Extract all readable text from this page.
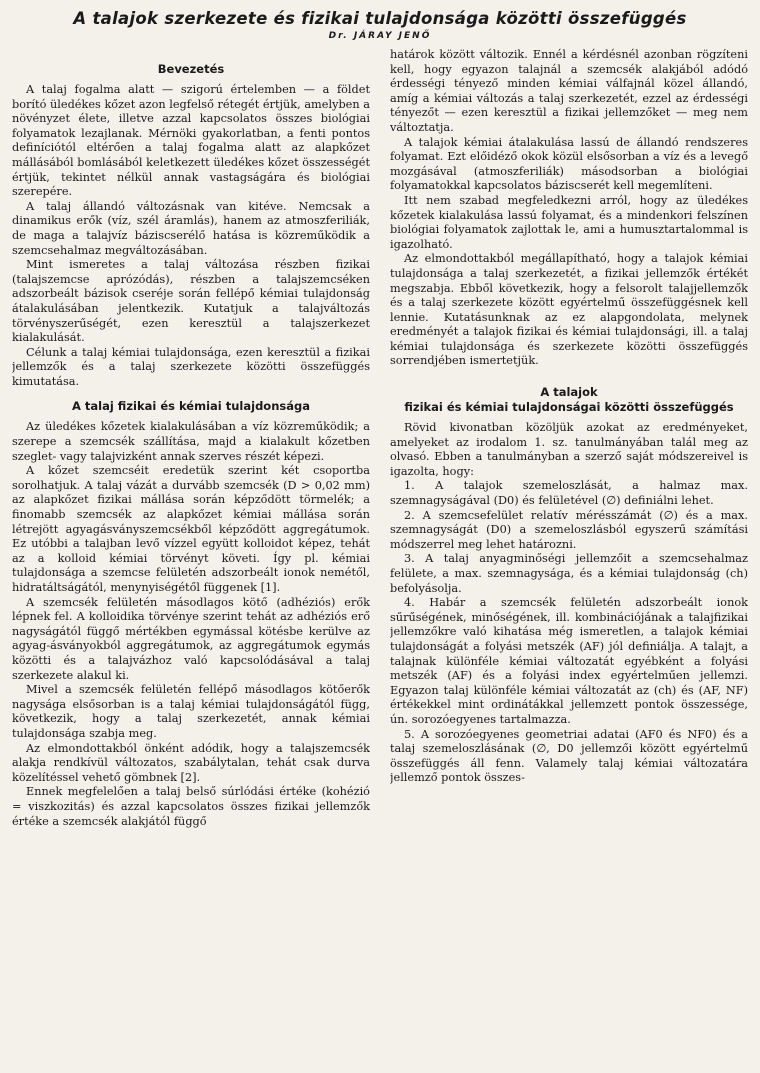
A talajok szerkezete és fizikai tulajdonsága közötti összefüggés
Dr. JÁRAY JENŐ
Bevezetés

A talaj fogalma alatt — szigorú értelemben — a földet borító üledékes kőzet azon legfelső rétegét értjük, amelyben a növényzet élete, illetve azzal kapcsolatos összes biológiai folyamatok lezajlanak. Mérnöki gyakorlatban, a fenti pontos definíciótól eltérően a talaj fogalma alatt az alapkőzet mállásából bomlásából keletkezett üledékes kőzet összességét értjük, tekintet nélkül annak vastagságára és biológiai szerepére.

A talaj állandó változásnak van kitéve. Nemcsak a dinamikus erők (víz, szél áramlás), hanem az atmoszferiliák, de maga a talajvíz báziscserélő hatása is közreműködik a szemcsehalmaz megváltozásában.

Mint ismeretes a talaj változása részben fizikai (talajszemcse aprózódás), részben a talajszemcséken adszorbeált bázisok cseréje során fellépő kémiai tulajdonság átalakulásában jelentkezik. Kutatjuk a talajváltozás törvényszerűségét, ezen keresztül a talajszerkezet kialakulását.

Célunk a talaj kémiai tulajdonsága, ezen keresztül a fizikai jellemzők és a talaj szerkezete közötti összefüggés kimutatása.

A talaj fizikai és kémiai tulajdonsága

Az üledékes kőzetek kialakulásában a víz közreműködik; a szerepe a szemcsék szállítása, majd a kialakult kőzetben szeglet- vagy talajvizként annak szerves részét képezi.

A kőzet szemcséit eredetük szerint két csoportba sorolhatjuk. A talaj vázát a durvább szemcsék (D > 0,02 mm) az alapkőzet fizikai mállása során képződött törmelék; a finomabb szemcsék az alapkőzet kémiai mállása során létrejött agyagásványszemcsékből képződött aggregátumok. Ez utóbbi a talajban levő vízzel együtt kolloidot képez, tehát az a kolloid kémiai törvényt követi. Így pl. kémiai tulajdonsága a szemcse felületén adszorbeált ionok nemétől, hidratáltságától, menynyiségétől függenek [1].

A szemcsék felületén másodlagos kötő (adhéziós) erők lépnek fel. A kolloidika törvénye szerint tehát az adhéziós erő nagyságától függő mértékben egymással kötésbe kerülve az agyag-ásványokból aggregátumok, az aggregátumok egymás közötti és a talajvázhoz való kapcsolódásával a talaj szerkezete alakul ki.

Mivel a szemcsék felületén fellépő másodlagos kötőerők nagysága elsősorban is a talaj kémiai tulajdonságától függ, következik, hogy a talaj szerkezetét, annak kémiai tulajdonsága szabja meg.

Az elmondottakból önként adódik, hogy a talajszemcsék alakja rendkívül változatos, szabálytalan, tehát csak durva közelítéssel vehető gömbnek [2].

Ennek megfelelően a talaj belső súrlódási értéke (kohézió = viszkozitás) és azzal kapcsolatos összes fizikai jellemzők értéke a szemcsék alakjától függő

határok között változik. Ennél a kérdésnél azonban rögzíteni kell, hogy egyazon talajnál a szemcsék alakjából adódó érdességi tényező minden kémiai válfajnál közel állandó, amíg a kémiai változás a talaj szerkezetét, ezzel az érdességi tényezőt — ezen keresztül a fizikai jellemzőket — meg nem változtatja.

A talajok kémiai átalakulása lassú de állandó rendszeres folyamat. Ezt előidéző okok közül elsősorban a víz és a levegő mozgásával (atmoszferiliák) másodsorban a biológiai folyamatokkal kapcsolatos báziscserét kell megemlíteni.

Itt nem szabad megfeledkezni arról, hogy az üledékes kőzetek kialakulása lassú folyamat, és a mindenkori felszínen biológiai folyamatok zajlottak le, ami a humusztartalommal is igazolható.

Az elmondottakból megállapítható, hogy a talajok kémiai tulajdonsága a talaj szerkezetét, a fizikai jellemzők értékét megszabja. Ebből következik, hogy a felsorolt talajjellemzők és a talaj szerkezete között egyértelmű összefüggésnek kell lennie. Kutatásunknak az ez alapgondolata, melynek eredményét a talajok fizikai és kémiai tulajdonsági, ill. a talaj kémiai tulajdonsága és szerkezete közötti összefüggés sorrendjében ismertetjük.

A talajok
fizikai és kémiai tulajdonságai közötti összefüggés

Rövid kivonatban közöljük azokat az eredményeket, amelyeket az irodalom 1. sz. tanulmányában talál meg az olvasó. Ebben a tanulmányban a szerző saját módszereivel is igazolta, hogy:

1. A talajok szemeloszlását, a halmaz max. szemnagyságával (D0) és felületével (∅) definiálni lehet.

2. A szemcsefelület relatív mérésszámát (∅) és a max. szemnagyságát (D0) a szemeloszlásból egyszerű számítási módszerrel meg lehet határozni.

3. A talaj anyagminőségi jellemzőit a szemcsehalmaz felülete, a max. szemnagysága, és a kémiai tulajdonság (ch) befolyásolja.

4. Habár a szemcsék felületén adszorbeált ionok sűrűségének, minőségének, ill. kombinációjának a talajfizikai jellemzőkre való kihatása még ismeretlen, a talajok kémiai tulajdonságát a folyási metszék (AF) jól definiálja. A talajt, a talajnak különféle kémiai változatát egyébként a folyási metszék (AF) és a folyási index egyértelműen jellemzi. Egyazon talaj különféle kémiai változatát az (ch) és (AF, NF) értékekkel mint ordinátákkal jellemzett pontok összessége, ún. sorozóegyenes tartalmazza.

5. A sorozóegyenes geometriai adatai (AF0 és NF0) és a talaj szemeloszlásának (∅, D0 jellemzői között egyértelmű összefüggés áll fenn. Valamely talaj kémiai változatára jellemző pontok összes-
